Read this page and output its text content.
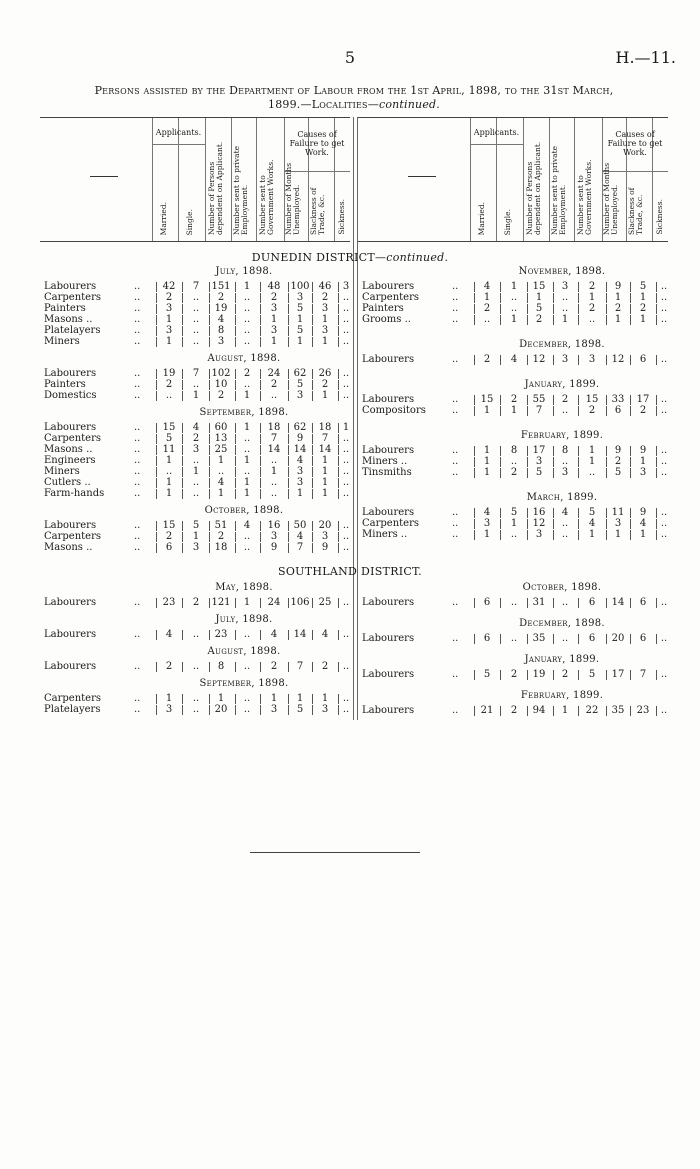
5	H.—11.
Persons assisted by the Department of Labour from the 1st April, 1898, to the 31st March,
1899.—Localities—continued.
Applicants.	Causes of Failure to get Work.
Married. Single. Number of Persons dependent on Applicant.	Number sent to private Employment.	Number sent to Government Works.	Number of Months Unemployed.	Slackness of Trade, &c.	Sickness.
Applicants.	Causes of Failure to get Work.
Married. Single. Number of Persons dependent on Applicant.	Number sent to private Employment.	Number sent to Government Works.	Number of Months Unemployed.	Slackness of Trade, &c.	Sickness.
DUNEDIN DISTRICT—continued.
SOUTHLAND DISTRICT.
July, 1898.
Labourers	..	42	7	151	1	48	100 46	3
Carpenters	..	2	..	2	..	2	3	2	..
Painters	..	3	..	19	..	3	5	3	..
Masons ..	..	1	..	4	..	1	1	1	..
Platelayers	..	3	..	8	..	3	5	3	..
Miners	..	1	..	3	..	1	1	1	..
August, 1898.
Labourers	..	19	7	102	2	24	62	26	..
Painters	..	2	..	10	..	2	5	2	..
Domestics	..	..	1	2	1	..	3	1	..
September, 1898.
Labourers	..	15	4	60	1	18	62	18	1
Carpenters	..	5	2	13	..	7	9	7	..
Masons ..	..	11	3	25	..	14	14	14	..
Engineers	..	1	..	1	1	..	4	1	..
Miners	..	..	1	..	..	1	3	1	..
Cutlers ..	..	1	..	4	1	..	3	1	..
Farm-hands	..	1	..	1	1	..	1	1	..
October, 1898.
Labourers	..	15	5	51	4	16	50	20	..
Carpenters	..	2	1	2	..	3	4	3	..
Masons ..	..	6	3	18	..	9	7	9	..
November, 1898.
Labourers	..	4	1	15	3	2	9	5	..
Carpenters	..	1	..	1	..	1	1	1	..
Painters	..	2	..	5	..	2	2	2	..
Grooms ..	..	..	1	2	1	..	1	1	..
December, 1898.
Labourers	..	2	4	12	3	3	12	6	..
January, 1899.
Labourers	..	15	2	55	2	15	33	17	..
Compositors	..	1	1	7	..	2	6	2	..
February, 1899.
Labourers	..	1	8	17	8	1	9	9	..
Miners ..	..	1	..	3	..	1	2	1	..
Tinsmiths	..	1	2	5	3	..	5	3	..
March, 1899.
Labourers	..	4	5	16	4	5	11	9	..
Carpenters	..	3	1	12	..	4	3	4	..
Miners ..	..	1	..	3	..	1	1	1	..
May, 1898.
Labourers	..	23	2	121	1	24	106 25	..
July, 1898.
Labourers	..	4	..	23	..	4	14	4	..
August, 1898.
Labourers	..	2	..	8	..	2	7	2	..
September, 1898.
Carpenters	..	1	..	1	..	1	1	1	..
Platelayers	..	3	..	20	..	3	5	3	..
October, 1898.
Labourers	..	6	..	31	..	6	14	6	..
December, 1898.
Labourers	..	6	..	35	..	6	20	6	..
January, 1899.
Labourers	..	5	2	19	2	5	17	7	..
February, 1899.
Labourers	..	21	2	94	1	22	35	23	..
